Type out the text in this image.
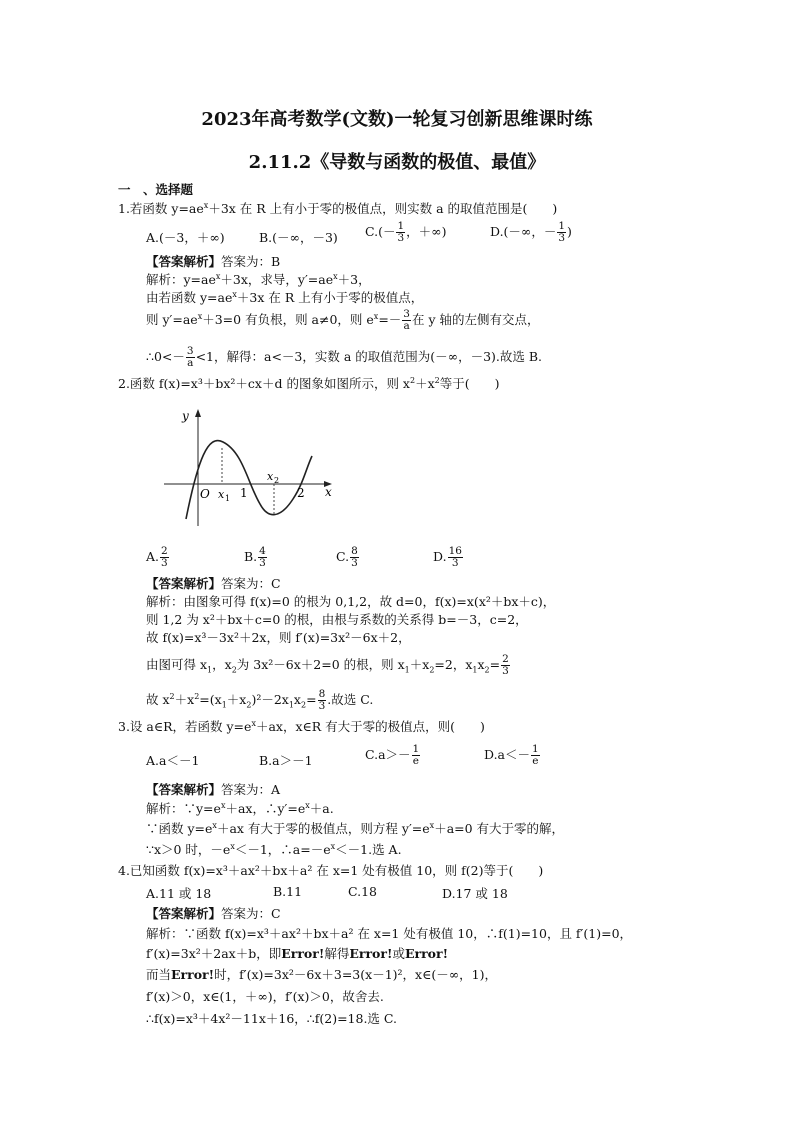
2023年高考数学(文数)一轮复习创新思维课时练
2.11.2《导数与函数的极值、最值》
一　、选择题
1.若函数 $y=ae^x+3x$ 在 R 上有小于零的极值点，则实数 a 的取值范围是(　　)
A.(－3，＋∞)	B.(－∞，－3) $C.(- \frac{1}{3}$ ，＋∞)	D.(－∞，－ $\frac{1}{3}$ )
【答案解析】答案为：B
解析：$y=ae^x+3x$，求导，$y'=ae^x+3$，
由若函数 $y=ae^x+3x$ 在 R 上有小于零的极值点，
则 $y'=ae^x+3=0$ 有负根，则 a≠0，则 $e^x=- \frac{3}{a}$ 在 y 轴的左侧有交点，
∴0<－ $\frac{3}{a} <1$，解得：a<－3，实数 a 的取值范围为(－∞，－3).故选 B.
2.函数 f(x)=x³＋bx²＋cx＋d 的图象如图所示，则 $x^2+x^2$等于(　　)
y
x
O x 1 1
x 2
2
A. $\frac{2}{3}$	B. $\frac{4}{3}$	C. $\frac{8}{3}$	D. $\frac{16}{3}$
【答案解析】答案为：C
解析：由图象可得 f(x)=0 的根为 0,1,2，故 d=0，f(x)=x(x²＋bx＋c)，
则 1,2 为 x²＋bx＋c=0 的根，由根与系数的关系得 b=－3，c=2，
故 f(x)=x³－3x²＋2x，则 f′(x)=3x²－6x＋2，
由图可得 $x_1$，$x_2$为 3x²－6x＋2=0 的根，则 $x_1+x_2=2$，$x_1x_2= \frac{2}{3}$
故 $x^2+x^2=(x_1+x_2)^2-2x_1x_2= \frac{8}{3}$ .故选 C.
3.设 a∈R，若函数 $y=e^x+ax$，x∈R 有大于零的极值点，则(　　)
A.a＜－1	B.a＞－1	$C.a>- \frac{1}{e}$	$D.a<- \frac{1}{e}$
【答案解析】答案为：A
解析：$\because y=e^x+ax$，$\therefore y'=e^x+a$.
∵函数 $y=e^x+ax$ 有大于零的极值点，则方程 $y'=e^x+a=0$ 有大于零的解，
∵x＞0 时，$-e^x<-1$，$\therefore a=-e^x<-1$.选 A.
4.已知函数 f(x)=x³＋ax²＋bx＋a² 在 x=1 处有极值 10，则 f(2)等于(　　)
A.11 或 18	B.11	C.18	D.17 或 18
【答案解析】答案为：C
解析：∵函数 f(x)=x³＋ax²＋bx＋a² 在 x=1 处有极值 10，∴f(1)=10，且 f′(1)=0，
f′(x)=3x²＋2ax＋b，即Error!解得Error!或Error!
而当Error!时，f′(x)=3x²－6x＋3=3(x－1)²，x∈(－∞，1)，
f′(x)＞0，x∈(1，＋∞)，f′(x)＞0，故舍去.
∴f(x)=x³＋4x²－11x＋16，∴f(2)=18.选 C.
